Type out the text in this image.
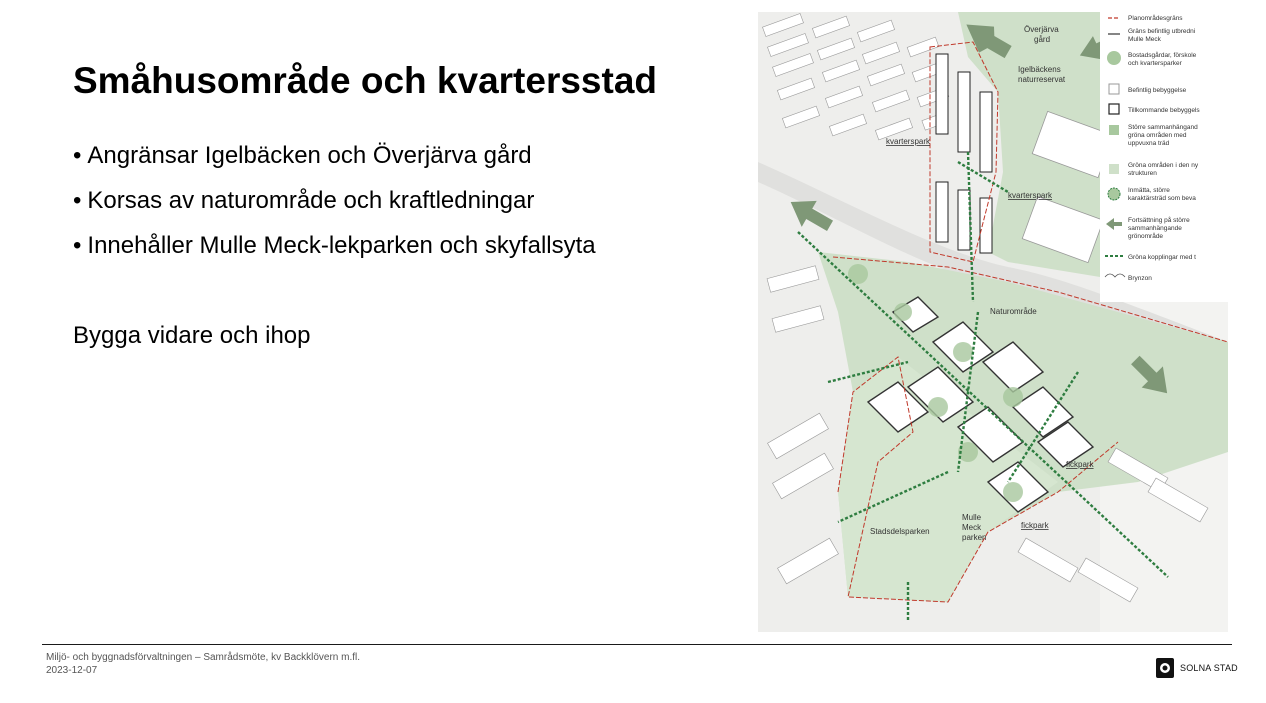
Småhusområde och kvartersstad
• Angränsar Igelbäcken och Överjärva gård
• Korsas av naturområde och kraftledningar
• Innehåller Mulle Meck-lekparken och skyfallsyta
Bygga vidare och ihop
Överjärva
gård
Igelbäckens
naturreservat
kvarterspark
kvarterspark
Naturområde
fickpark
fickpark
Stadsdelsparken
Mulle
Meck
parken
Planområdesgräns
Gräns befintlig utbredni
Mulle Meck
Bostadsgårdar, förskole
och kvartersparker
Befintlig bebyggelse
Tillkommande bebyggels
Större sammanhängand
gröna områden med
uppvuxna träd
Gröna områden i den ny
strukturen
Inmätta, större
karaktärsträd som beva
Fortsättning på större
sammanhängande
grönområde
Gröna kopplingar med t
Brynzon
Miljö- och byggnadsförvaltningen – Samrådsmöte, kv Backklövern m.fl.
2023-12-07	SOLNA STAD
